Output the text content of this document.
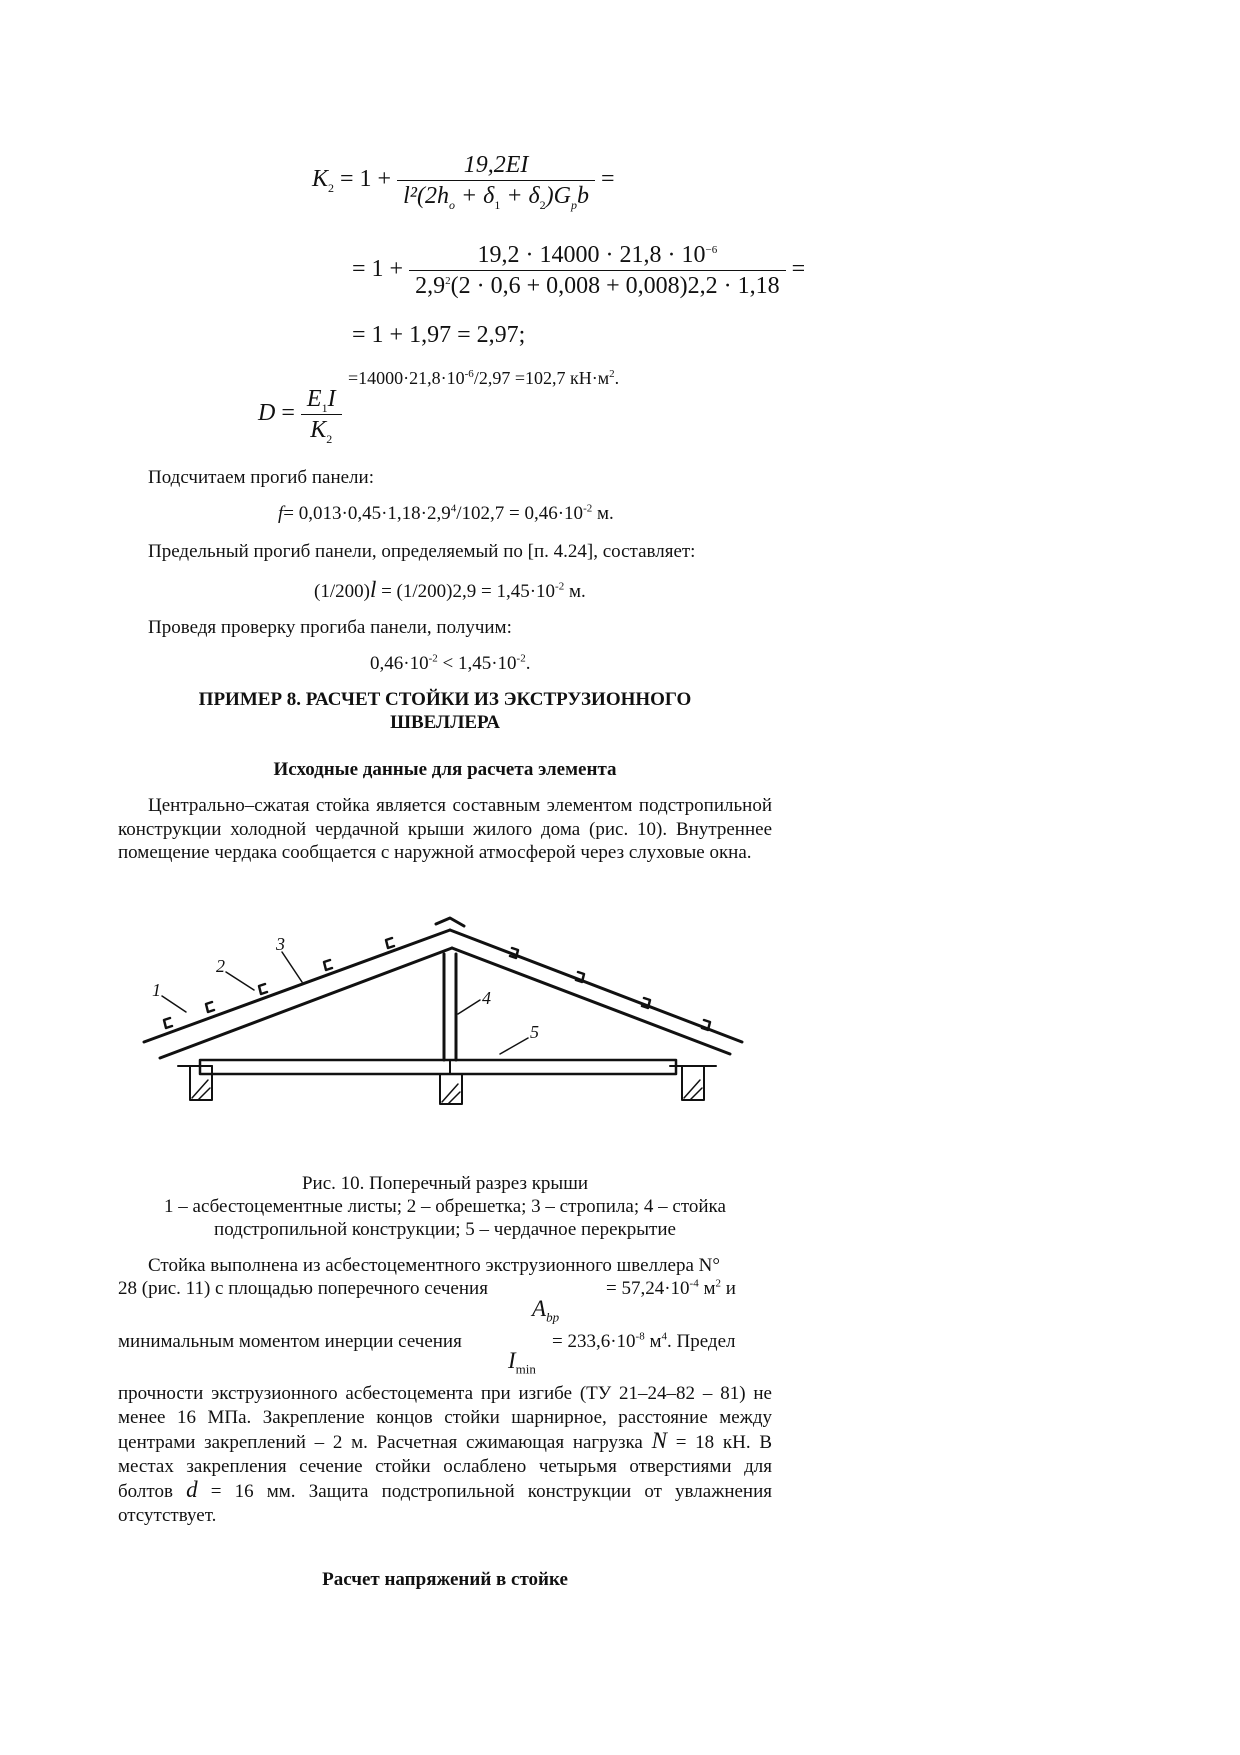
$K_2 = 1 + \frac{19,2EI}{l^2(2h_o + \delta_1 + \delta_2)G_pb}$ =
= $1 + \frac{19,2 \cdot 14000 \cdot 21,8 \cdot 10^{-6}}{2,9^2(2 \cdot 0,6 + 0,008 + 0,008)2,2 \cdot 1,18}$ =
= 1 + 1,97 = 2,97;
$=14000\cdot 21,8\cdot 10^{-6}/2,97 =102,7$ $кН\cdot м^2$.
$D = \frac{E_1I}{K_2}$
Подсчитаем прогиб панели:
$f= 0,013\cdot 0,45\cdot 1,18\cdot 2,9^4/102,7 = 0,46\cdot 10^{-2}$ м.
Предельный прогиб панели, определяемый по [п. 4.24], составляет:
$(1/200)l = (1/200)2,9 = 1,45\cdot 10^{-2}$ м.
Проведя проверку прогиба панели, получим:
$0,46\cdot 10^{-2} < 1,45\cdot 10^{-2}$.
ПРИМЕР 8. РАСЧЕТ СТОЙКИ ИЗ ЭКСТРУЗИОННОГО
ШВЕЛЛЕРА
Исходные данные для расчета элемента
Центрально–сжатая стойка является составным элементом подстропильной конструкции холодной чердачной крыши жилого дома (рис. 10). Внутреннее помещение чердака сообщается с наружной атмосферой через слуховые окна.
1
2
3
4
5
Рис. 10. Поперечный разрез крыши
1 – асбестоцементные листы; 2 – обрешетка; 3 – стропила; 4 – стойка
подстропильной конструкции; 5 – чердачное перекрытие
Стойка выполнена из асбестоцементного экструзионного швеллера N°
28 (рис. 11) с площадью поперечного сечения	= $57,24\cdot 10^{-4}$ $м^2$ и
$A_{bp}$
минимальным моментом инерции сечения	= $233,6\cdot 10^{-8}$ $м^4$. Предел
$I_{min}$
прочности экструзионного асбестоцемента при изгибе (ТУ 21–24–82 – 81) не менее 16 МПа. Закрепление концов стойки шарнирное, расстояние между центрами закреплений – 2 м. Расчетная сжимающая нагрузка N = 18 кН. В местах закрепления сечение стойки ослаблено четырьмя отверстиями для болтов d = 16 мм. Защита подстропильной конструкции от увлажнения отсутствует.
Расчет напряжений в стойке
